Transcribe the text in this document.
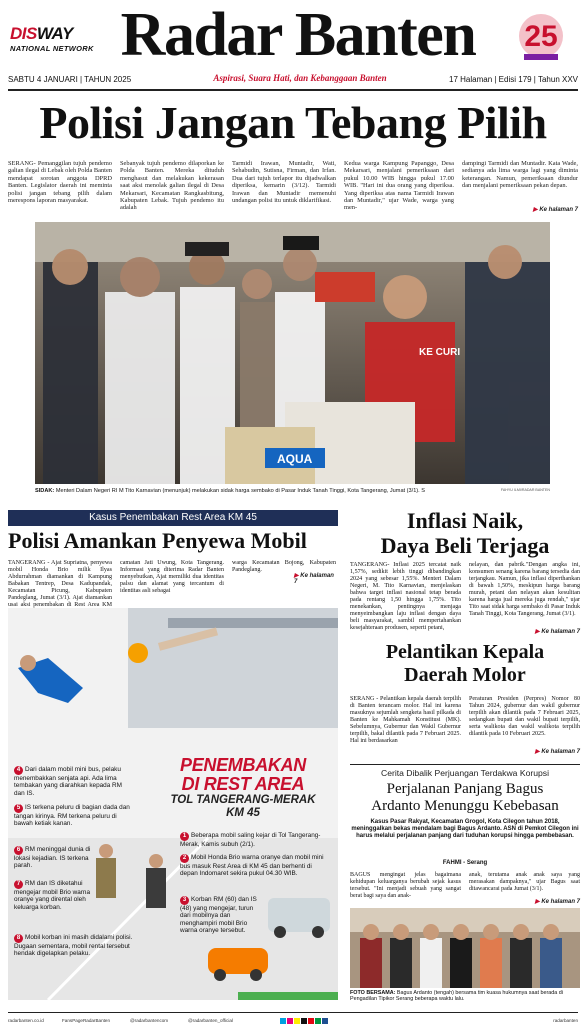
DISWAY
NATIONAL NETWORK Radar Banten	25
SABTU 4 JANUARI | TAHUN 2025	Aspirasi, Suara Hati, dan Kebanggaan Banten	17 Halaman | Edisi 179 | Tahun XXV
Polisi Jangan Tebang Pilih
SERANG- Pemanggilan tujuh pendemo galian ilegal di Lebak oleh Polda Banten mendapat sorotan anggota DPRD Banten. Legislator daerah ini meminta polisi jangan tebang pilih dalam merespons laporan masyarakat.
Sebanyak tujuh pendemo dilaporkan ke Polda Banten. Mereka dituduh menghasut dan melakukan kekerasan saat aksi menolak galian ilegal di Desa Mekarsari, Kecamatan Rangkasbitung, Kabupaten Lebak. Tujuh pendemo itu adalah
Tarmidi Irawan, Muntadir, Wati, Sehabudin, Sutisna, Firman, dan Irfan. Dua dari tujuh terlapor itu dijadwalkan diperiksa, kemarin (3/12). Tarmidi Irawan dan Muntadir memenuhi undangan polisi itu untuk diklarifikasi.
Kedua warga Kampung Papanggo, Desa Mekarsari, menjalani pemeriksaan dari pukul 10.00 WIB hingga pukul 17.00 WIB. "Hari ini dua orang yang diperiksa. Yang diperiksa atas nama Tarmidi Irawan dan Muntadir," ujar Wade, warga yang men-
dampingi Tarmidi dan Muntadir. Kata Wade, sedianya ada lima warga lagi yang diminta keterangan. Namun, pemeriksaan diundur dan menjalani pemeriksaan pekan depan.
▶ Ke halaman 7
KE CURI
AQUA
SIDAK: Menteri Dalam Negeri RI M Tito Karnavian (menunjuk) melakukan sidak harga sembako di Pasar Induk Tanah Tinggi, Kota Tangerang, Jumat (3/1). S	FAHYU ILMI/RADAR BANTEN
Kasus Penembakan Rest Area KM 45
Polisi Amankan Penyewa Mobil
TANGERANG - Ajat Supriatna, penyewa mobil Honda Brio milik Ilyas Abdurrahman diamankan di Kampung Babakan Tentrep, Desa Kadupandak, Kecamatan Picung, Kabupaten Pandeglang, Jumat (3/1). Ajat diamankan usai aksi penembakan di Rest Area KM
camatan Jati Uwung, Kota Tangerang. Informasi yang diterima Radar Banten menyebutkan, Ajat memiliki dua identitas palsu dan alamat yang tercantum di identitas asli sebagai
warga Kecamatan Bojong, Kabupaten Pandeglang.
▶ Ke halaman 7
PENEMBAKAN
DI REST AREA
TOL TANGERANG-MERAK
KM 45
4 Dari dalam mobil mini bus, pelaku menembakkan senjata api. Ada lima tembakan yang diarahkan kepada RM dan IS.
5 IS terkena peluru di bagian dada dan tangan kirinya. RM terkena peluru di bawah ketiak kanan.
6 RM meninggal dunia di lokasi kejadian. IS terkena parah.
7 RM dan IS diketahui mengejar mobil Brio warna oranye yang dirental oleh keluarga korban.
8 Mobil korban ini masih didalami polisi. Dugaan sementara, mobil rental tersebut hendak digelapkan pelaku.
1 Beberapa mobil saling kejar di Tol Tangerang-Merak, Kamis subuh (2/1).
2 Mobil Honda Brio warna oranye dan mobil mini bus masuk Rest Area di KM 45 dan berhenti di depan Indomaret sekira pukul 04.30 WIB.
3 Korban RM (60) dan IS (48) yang mengejar, turun dari mobilnya dan menghampiri mobil Brio warna oranye tersebut.
Inflasi Naik,
Daya Beli Terjaga
TANGERANG- Inflasi 2025 tercatat naik 1,57%, sedikit lebih tinggi dibandingkan 2024 yang sebesar 1,55%. Menteri Dalam Negeri, M. Tito Karnavian, menjelaskan bahwa target inflasi nasional tetap berada pada rentang 1,50 hingga 1,75%. Tito menekankan, pentingnya menjaga menyeimbangkan laju inflasi dengan daya beli masyarakat, sambil mempertahankan kesejahteraan produsen, seperti petani,
nelayan, dan pabrik."Dengan angka ini, konsumen senang karena barang tersedia dan terjangkau. Namun, jika inflasi diperthankan di bawah 1,50%, meskipun harga barang murah, petani dan nelayan akan kesulitan karena harga jual mereka juga rendah," ujar Tito saat sidak harga sembako di Pasar Induk Tanah Tinggi, Kota Tangerang, Jumat (3/1).
▶ Ke halaman 7
Pelantikan Kepala
Daerah Molor
SERANG - Pelantikan kepala daerah terpilih di Banten terancam molor. Hal ini karena masuknya sejumlah sengketa hasil pilkada di Banten ke Mahkamah Konstitusi (MK). Sebelumnya, Gubernur dan Wakil Gubernur terpilih, bakal dilantik pada 7 Februari 2025. Hal ini berdasarkan
Peraturan Presiden (Perpres) Nomor 80 Tahun 2024, gubernur dan wakil gubernur terpilih akan dilantik pada 7 Februari 2025, sedangkan bupati dan wakil bupati terpilih, serta walikota dan wakil walikota terpilih dilantik pada 10 Februari 2025.
▶ Ke halaman 7
Cerita Dibalik Perjuangan Terdakwa Korupsi
Perjalanan Panjang Bagus
Ardanto Menunggu Kebebasan
Kasus Pasar Rakyat, Kecamatan Grogol, Kota Cilegon tahun 2018, meninggalkan bekas mendalam bagi Bagus Ardanto. ASN di Pemkot Cilegon ini harus melalui perjalanan panjang dari tuduhan korupsi hingga pembebasan.
FAHMI - Serang
BAGUS mengingat jelas bagaimana kehidupan keluarganya berubah sejak kasus tersebut. "Ini menjadi sebuah yang sangat berat bagi saya dan anak-
anak, terutama anak anak saya yang merasakan dampaknya," ujar Bagus saat ditawancarai pada Jumat (3/1).
▶ Ke halaman 7
FOTO BERSAMA: Bagus Ardanto (tengah) bersama tim kuasa hukumnya saat berada di Pengadilan Tipikor Serang beberapa waktu lalu.
radarbanten.co.id	FansPageRadarBanten	@radarbantencom	@radarbanten_official	radarbanten
